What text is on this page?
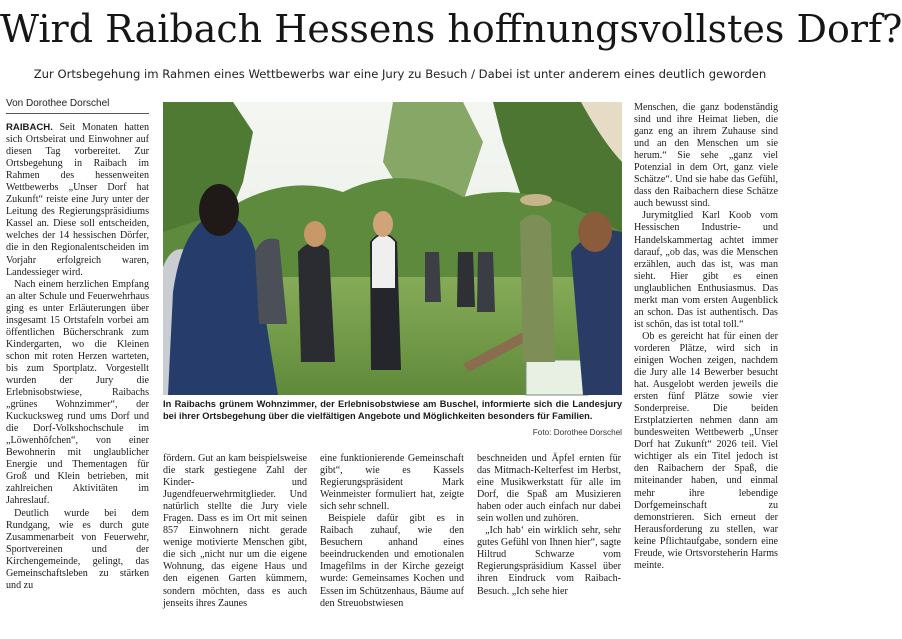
Wird Raibach Hessens hoffnungsvollstes Dorf?
Zur Ortsbegehung im Rahmen eines Wettbewerbs war eine Jury zu Besuch / Dabei ist unter anderem eines deutlich geworden
Von Dorothee Dorschel

RAIBACH. Seit Monaten hatten sich Ortsbeirat und Einwohner auf diesen Tag vorbereitet. Zur Ortsbegehung in Raibach im Rahmen des hessenweiten Wettbewerbs „Unser Dorf hat Zukunft“ reiste eine Jury unter der Leitung des Regierungspräsidiums Kassel an. Diese soll entscheiden, welches der 14 hessischen Dörfer, die in den Regionalentscheiden im Vorjahr erfolgreich waren, Landessieger wird.

Nach einem herzlichen Empfang an alter Schule und Feuerwehrhaus ging es unter Erläuterungen über insgesamt 15 Ortstafeln vorbei am öffentlichen Bücherschrank zum Kindergarten, wo die Kleinen schon mit roten Herzen warteten, bis zum Sportplatz. Vorgestellt wurden der Jury die Erlebnisobstwiese, Raibachs „grünes Wohnzimmer“, der Kuckucksweg rund ums Dorf und die Dorf-Volkshochschule im „Löwenhöfchen“, von einer Bewohnerin mit unglaublicher Energie und Thementagen für Groß und Klein betrieben, mit zahlreichen Aktivitäten im Jahreslauf.

Deutlich wurde bei dem Rundgang, wie es durch gute Zusammenarbeit von Feuerwehr, Sportvereinen und der Kirchengemeinde, gelingt, das Gemeinschaftsleben zu stärken und zu

In Raibachs grünem Wohnzimmer, der Erlebnisobstwiese am Buschel, informierte sich die Landesjury bei ihrer Ortsbegehung über die vielfältigen Angebote und Möglichkeiten besonders für Familien.
Foto: Dorothee Dorschel

fördern. Gut an kam beispielsweise die stark gestiegene Zahl der Kinder- und Jugendfeuerwehrmitglieder. Und natürlich stellte die Jury viele Fragen. Dass es im Ort mit seinen 857 Einwohnern nicht gerade wenige motivierte Menschen gibt, die sich „nicht nur um die eigene Wohnung, das eigene Haus und den eigenen Garten kümmern, sondern möchten, dass es auch jenseits ihres Zaunes

eine funktionierende Gemeinschaft gibt“, wie es Kassels Regierungspräsident Mark Weinmeister formuliert hat, zeigte sich sehr schnell.

Beispiele dafür gibt es in Raibach zuhauf, wie den Besuchern anhand eines beeindruckenden und emotionalen Imagefilms in der Kirche gezeigt wurde: Gemeinsames Kochen und Essen im Schützenhaus, Bäume auf den Streuobstwiesen

beschneiden und Äpfel ernten für das Mitmach-Kelterfest im Herbst, eine Musikwerkstatt für alle im Dorf, die Spaß am Musizieren haben oder auch einfach nur dabei sein wollen und zuhören.

„Ich hab‘ ein wirklich sehr, sehr gutes Gefühl von Ihnen hier“, sagte Hiltrud Schwarze vom Regierungspräsidium Kassel über ihren Eindruck vom Raibach-Besuch. „Ich sehe hier

Menschen, die ganz bodenständig sind und ihre Heimat lieben, die ganz eng an ihrem Zuhause sind und an den Menschen um sie herum.“ Sie sehe „ganz viel Potenzial in dem Ort, ganz viele Schätze“. Und sie habe das Gefühl, dass den Raibachern diese Schätze auch bewusst sind.

Jurymitglied Karl Koob vom Hessischen Industrie- und Handelskammertag achtet immer darauf, „ob das, was die Menschen erzählen, auch das ist, was man sieht. Hier gibt es einen unglaublichen Enthusiasmus. Das merkt man vom ersten Augenblick an schon. Das ist authentisch. Das ist schön, das ist total toll.“

Ob es gereicht hat für einen der vorderen Plätze, wird sich in einigen Wochen zeigen, nachdem die Jury alle 14 Bewerber besucht hat. Ausgelobt werden jeweils die ersten fünf Plätze sowie vier Sonderpreise. Die beiden Erstplatzierten nehmen dann am bundesweiten Wettbewerb „Unser Dorf hat Zukunft“ 2026 teil. Viel wichtiger als ein Titel jedoch ist den Raibachern der Spaß, die miteinander haben, und einmal mehr ihre lebendige Dorfgemeinschaft zu demonstrieren. Sich erneut der Herausforderung zu stellen, war keine Pflichtaufgabe, sondern eine Freude, wie Ortsvorsteherin Harms meinte.
